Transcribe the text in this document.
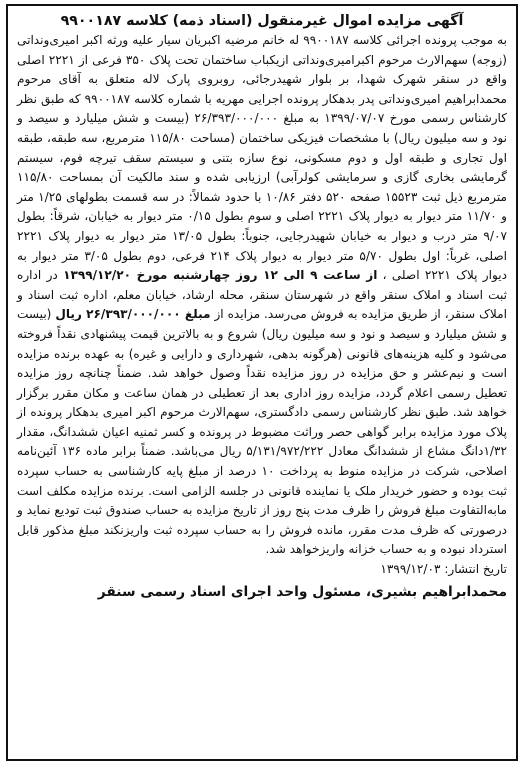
آگهی مزایده اموال غیرمنقول (اسناد ذمه) کلاسه ۹۹۰۰۱۸۷

به موجب پرونده اجرائی کلاسه ۹۹۰۰۱۸۷ له خانم مرضیه اکبریان سیار علیه ورثه اکبر امیری‌ونداتی (زوجه) سهم‌الارث مرحوم اکبرامیری‌ونداتی ازیکباب ساختمان تحت پلاک ۳۵۰ فرعی از ۲۲۲۱ اصلی واقع در سنقر شهرک شهدا، بر بلوار شهیدرجائی، روبروی پارک لاله متعلق به آقای مرحوم محمدابراهیم امیری‌ونداتی پدر بدهکار پرونده اجرایی مهریه با شماره کلاسه ۹۹۰۰۱۸۷ که طبق نظر کارشناس رسمی مورخ ۱۳۹۹/۰۷/۰۷ به مبلغ ۲۶/۳۹۳/۰۰۰/۰۰۰ (بیست و شش میلیارد و سیصد و نود و سه میلیون ریال) با مشخصات فیزیکی ساختمان (مساحت ۱۱۵/۸۰ مترمربع، سه طبقه، طبقه اول تجاری و طبقه اول و دوم مسکونی، نوع سازه بتنی و سیستم سقف تیرچه فوم، سیستم گرمایشی بخاری گازی و سرمایشی کولرآبی) ارزیابی شده و سند مالکیت آن بمساحت ۱۱۵/۸۰ مترمربع ذیل ثبت ۱۵۵۲۳ صفحه ۵۲۰ دفتر ۱۰/۸۶ با حدود شمالاً: در سه قسمت بطولهای ۱/۲۵ متر و ۱۱/۷۰ متر دیوار به دیوار پلاک ۲۲۲۱ اصلی و سوم بطول ۰/۱۵ متر دیوار به خیابان، شرقاً: بطول ۹/۰۷ متر درب و دیوار به خیابان شهیدرجایی، جنوباً: بطول ۱۳/۰۵ متر دیوار به دیوار پلاک ۲۲۲۱ اصلی، غرباً: اول بطول ۵/۷۰ متر دیوار به دیوار پلاک ۲۱۴ فرعی، دوم بطول ۳/۰۵ متر دیوار به دیوار پلاک ۲۲۲۱ اصلی ، از ساعت ۹ الی ۱۲ روز چهارشنبه مورخ ۱۳۹۹/۱۲/۲۰ در اداره ثبت اسناد و املاک سنقر واقع در شهرستان سنقر، محله ارشاد، خیابان معلم، اداره ثبت اسناد و املاک سنقر، از طریق مزایده به فروش می‌رسد. مزایده از مبلغ ۲۶/۳۹۳/۰۰۰/۰۰۰ ریال (بیست و شش میلیارد و سیصد و نود و سه میلیون ریال) شروع و به بالاترین قیمت پیشنهادی نقداً فروخته می‌شود و کلیه هزینه‌های قانونی (هرگونه بدهی، شهرداری و دارایی و غیره) به عهده برنده مزایده است و نیم‌عشر و حق مزایده در روز مزایده نقداً وصول خواهد شد. ضمناً چنانچه روز مزایده تعطیل رسمی اعلام گردد، مزایده روز اداری بعد از تعطیلی در همان ساعت و مکان مقرر برگزار خواهد شد. طبق نظر کارشناس رسمی دادگستری، سهم‌الارث مرحوم اکبر امیری بدهکار پرونده از پلاک مورد مزایده برابر گواهی حصر وراثت مضبوط در پرونده و کسر ثمنیه اعیان ششدانگ، مقدار ۱/۳۲دانگ مشاع از ششدانگ معادل ۵/۱۳۱/۹۷۲/۲۲۲ ریال می‌باشد. ضمناً برابر ماده ۱۳۶ آئین‌نامه اصلاحی، شرکت در مزایده منوط به پرداخت ۱۰ درصد از مبلغ پایه کارشناسی به حساب سپرده ثبت بوده و حضور خریدار ملک یا نماینده قانونی در جلسه الزامی است. برنده مزایده مکلف است مابه‌التفاوت مبلغ فروش را ظرف مدت پنج روز از تاریخ مزایده به حساب صندوق ثبت تودیع نماید و درصورتی که ظرف مدت مقرر، مانده فروش را به حساب سپرده ثبت واریزنکند مبلغ مذکور قابل استرداد نبوده و به حساب خزانه واریزخواهد شد.

تاریخ انتشار: ۱۳۹۹/۱۲/۰۳

محمدابراهیم بشیری، مسئول واحد اجرای اسناد رسمی سنقر
